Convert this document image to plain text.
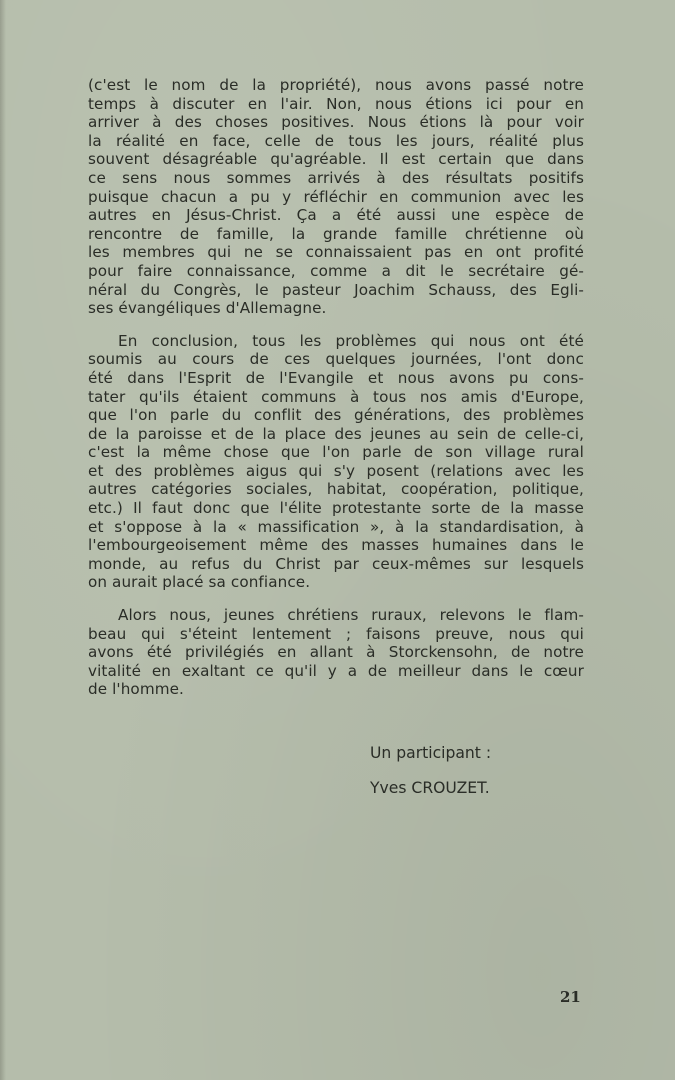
(c'est le nom de la propriété), nous avons passé notre

temps à discuter en l'air. Non, nous étions ici pour en

arriver à des choses positives. Nous étions là pour voir

la réalité en face, celle de tous les jours, réalité plus

souvent désagréable qu'agréable. Il est certain que dans

ce sens nous sommes arrivés à des résultats positifs

puisque chacun a pu y réfléchir en communion avec les

autres en Jésus-Christ. Ça a été aussi une espèce de

rencontre de famille, la grande famille chrétienne où

les membres qui ne se connaissaient pas en ont profité

pour faire connaissance, comme a dit le secrétaire gé-

néral du Congrès, le pasteur Joachim Schauss, des Egli-

ses évangéliques d'Allemagne.

En conclusion, tous les problèmes qui nous ont été

soumis au cours de ces quelques journées, l'ont donc

été dans l'Esprit de l'Evangile et nous avons pu cons-

tater qu'ils étaient communs à tous nos amis d'Europe,

que l'on parle du conflit des générations, des problèmes

de la paroisse et de la place des jeunes au sein de celle-ci,

c'est la même chose que l'on parle de son village rural

et des problèmes aigus qui s'y posent (relations avec les

autres catégories sociales, habitat, coopération, politique,

etc.) Il faut donc que l'élite protestante sorte de la masse

et s'oppose à la « massification », à la standardisation, à

l'embourgeoisement même des masses humaines dans le

monde, au refus du Christ par ceux-mêmes sur lesquels

on aurait placé sa confiance.

Alors nous, jeunes chrétiens ruraux, relevons le flam-

beau qui s'éteint lentement ; faisons preuve, nous qui

avons été privilégiés en allant à Storckensohn, de notre

vitalité en exaltant ce qu'il y a de meilleur dans le cœur

de l'homme.

Un participant :
Yves CROUZET.
21
